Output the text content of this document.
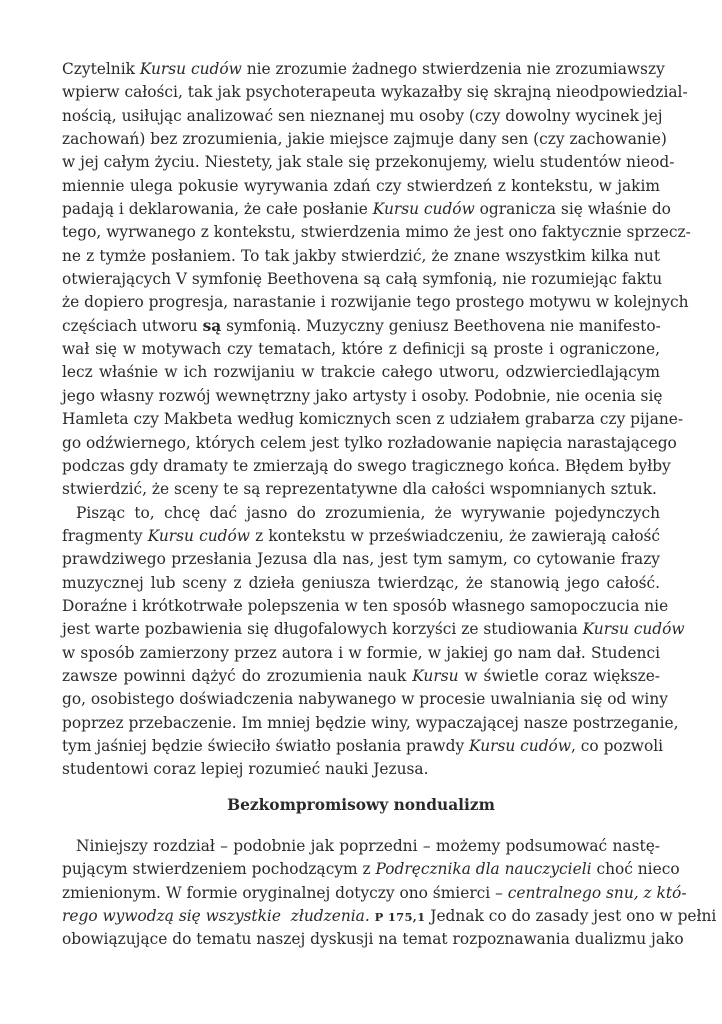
Czytelnik Kursu cudów nie zrozumie żadnego stwierdzenia nie zrozumiawszy
wpierw całości, tak jak psychoterapeuta wykazałby się skrajną nieodpowiedzial-
nością, usiłując analizować sen nieznanej mu osoby (czy dowolny wycinek jej
zachowań) bez zrozumienia, jakie miejsce zajmuje dany sen (czy zachowanie)
w jej całym życiu. Niestety, jak stale się przekonujemy, wielu studentów nieod-
miennie ulega pokusie wyrywania zdań czy stwierdzeń z kontekstu, w jakim
padają i deklarowania, że całe posłanie Kursu cudów ogranicza się właśnie do
tego, wyrwanego z kontekstu, stwierdzenia mimo że jest ono faktycznie sprzecz-
ne z tymże posłaniem. To tak jakby stwierdzić, że znane wszystkim kilka nut
otwierających V symfonię Beethovena są całą symfonią, nie rozumiejąc faktu
że dopiero progresja, narastanie i rozwijanie tego prostego motywu w kolejnych
częściach utworu są symfonią. Muzyczny geniusz Beethovena nie manifesto-
wał się w motywach czy tematach, które z definicji są proste i ograniczone,
lecz właśnie w ich rozwijaniu w trakcie całego utworu, odzwierciedlającym
jego własny rozwój wewnętrzny jako artysty i osoby. Podobnie, nie ocenia się
Hamleta czy Makbeta według komicznych scen z udziałem grabarza czy pijane-
go odźwiernego, których celem jest tylko rozładowanie napięcia narastającego
podczas gdy dramaty te zmierzają do swego tragicznego końca. Błędem byłby
stwierdzić, że sceny te są reprezentatywne dla całości wspomnianych sztuk.
Pisząc to, chcę dać jasno do zrozumienia, że wyrywanie pojedynczych
fragmenty Kursu cudów z kontekstu w przeświadczeniu, że zawierają całość
prawdziwego przesłania Jezusa dla nas, jest tym samym, co cytowanie frazy
muzycznej lub sceny z dzieła geniusza twierdząc, że stanowią jego całość.
Doraźne i krótkotrwałe polepszenia w ten sposób własnego samopoczucia nie
jest warte pozbawienia się długofalowych korzyści ze studiowania Kursu cudów
w sposób zamierzony przez autora i w formie, w jakiej go nam dał. Studenci
zawsze powinni dążyć do zrozumienia nauk Kursu w świetle coraz większe-
go, osobistego doświadczenia nabywanego w procesie uwalniania się od winy
poprzez przebaczenie. Im mniej będzie winy, wypaczającej nasze postrzeganie,
tym jaśniej będzie świeciło światło posłania prawdy Kursu cudów, co pozwoli
studentowi coraz lepiej rozumieć nauki Jezusa.
Bezkompromisowy nondualizm
Niniejszy rozdział – podobnie jak poprzedni – możemy podsumować nastę-
pującym stwierdzeniem pochodzącym z Podręcznika dla nauczycieli choć nieco
zmienionym. W formie oryginalnej dotyczy ono śmierci – centralnego snu, z któ-
rego wywodzą się wszystkie  złudzenia. P 175,1 Jednak co do zasady jest ono w pełni
obowiązujące do tematu naszej dyskusji na temat rozpoznawania dualizmu jako
